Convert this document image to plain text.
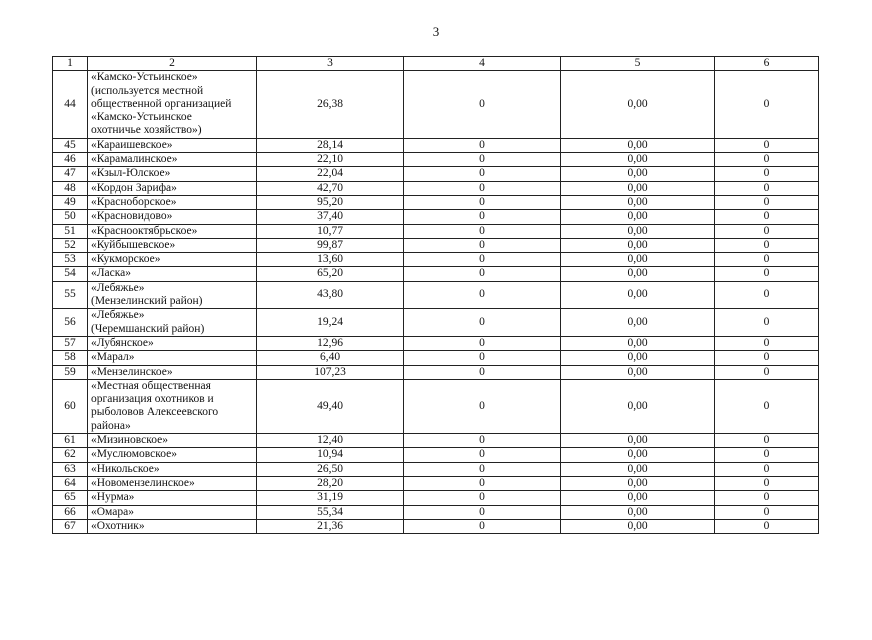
3
1	2	3	4	5	6
44	«Камско-Устьинское»
(используется местной
общественной организацией
«Камско-Устьинское
охотничье хозяйство»)	26,38	0	0,00	0
45	«Караишевское»	28,14	0	0,00	0
46	«Карамалинское»	22,10	0	0,00	0
47	«Кзыл-Юлское»	22,04	0	0,00	0
48	«Кордон Зарифа»	42,70	0	0,00	0
49	«Красноборское»	95,20	0	0,00	0
50	«Красновидово»	37,40	0	0,00	0
51	«Краснооктябрьское»	10,77	0	0,00	0
52	«Куйбышевское»	99,87	0	0,00	0
53	«Кукморское»	13,60	0	0,00	0
54	«Ласка»	65,20	0	0,00	0
55	«Лебяжье»
(Мензелинский район)	43,80	0	0,00	0
56	«Лебяжье»
(Черемшанский район)	19,24	0	0,00	0
57	«Лубянское»	12,96	0	0,00	0
58	«Марал»	6,40	0	0,00	0
59	«Мензелинское»	107,23	0	0,00	0
60	«Местная общественная
организация охотников и
рыболовов Алексеевского
района»	49,40	0	0,00	0
61	«Мизиновское»	12,40	0	0,00	0
62	«Муслюмовское»	10,94	0	0,00	0
63	«Никольское»	26,50	0	0,00	0
64	«Новомензелинское»	28,20	0	0,00	0
65	«Нурма»	31,19	0	0,00	0
66	«Омара»	55,34	0	0,00	0
67	«Охотник»	21,36	0	0,00	0
